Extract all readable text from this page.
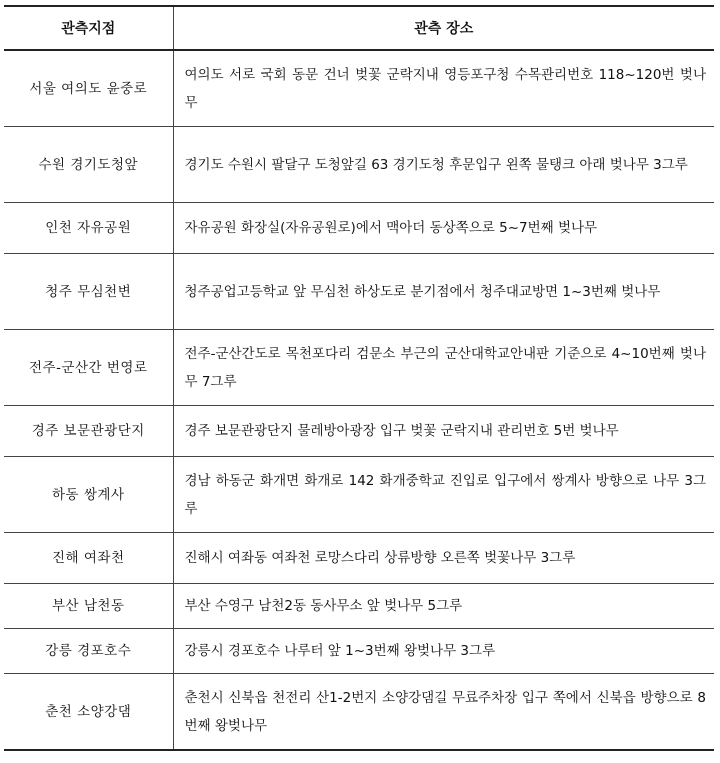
관측지점	관측 장소
서울 여의도 윤중로	여의도 서로 국회 동문 건너 벚꽃 군락지내 영등포구청 수목관리번호 118~120번 벚나무
수원 경기도청앞	경기도 수원시 팔달구 도청앞길 63 경기도청 후문입구 왼쪽 물탱크 아래 벚나무 3그루
인천 자유공원	자유공원 화장실(자유공원로)에서 맥아더 동상쪽으로 5~7번째 벚나무
청주 무심천변	청주공업고등학교 앞 무심천 하상도로 분기점에서 청주대교방면 1~3번째 벚나무
전주-군산간 번영로	전주-군산간도로 목천포다리 검문소 부근의 군산대학교안내판 기준으로 4~10번째 벚나무 7그루
경주 보문관광단지	경주 보문관광단지 물레방아광장 입구 벚꽃 군락지내 관리번호 5번 벚나무
하동 쌍계사	경남 하동군 화개면 화개로 142 화개중학교 진입로 입구에서 쌍계사 방향으로 나무 3그루
진해 여좌천	진해시 여좌동 여좌천 로망스다리 상류방향 오른쪽 벚꽃나무 3그루
부산 남천동	부산 수영구 남천2동 동사무소 앞 벚나무 5그루
강릉 경포호수	강릉시 경포호수 나루터 앞 1~3번째 왕벚나무 3그루
춘천 소양강댐	춘천시 신북읍 천전리 산1-2번지 소양강댐길 무료주차장 입구 쪽에서 신북읍 방향으로 8번째 왕벚나무
